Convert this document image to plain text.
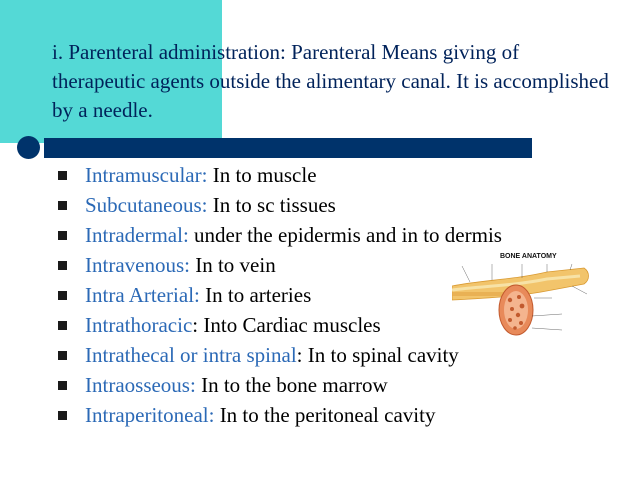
i. Parenteral administration: Parenteral Means giving of therapeutic agents outside the alimentary canal. It is accomplished by a needle.
Intramuscular: In to muscle
Subcutaneous: In to sc tissues
Intradermal: under the epidermis and in to dermis
Intravenous: In to vein
Intra Arterial: In to arteries
Intrathoracic: Into Cardiac muscles
Intrathecal or intra spinal: In to spinal cavity
Intraosseous: In to the bone marrow
Intraperitoneal: In to the peritoneal cavity
BONE ANATOMY
